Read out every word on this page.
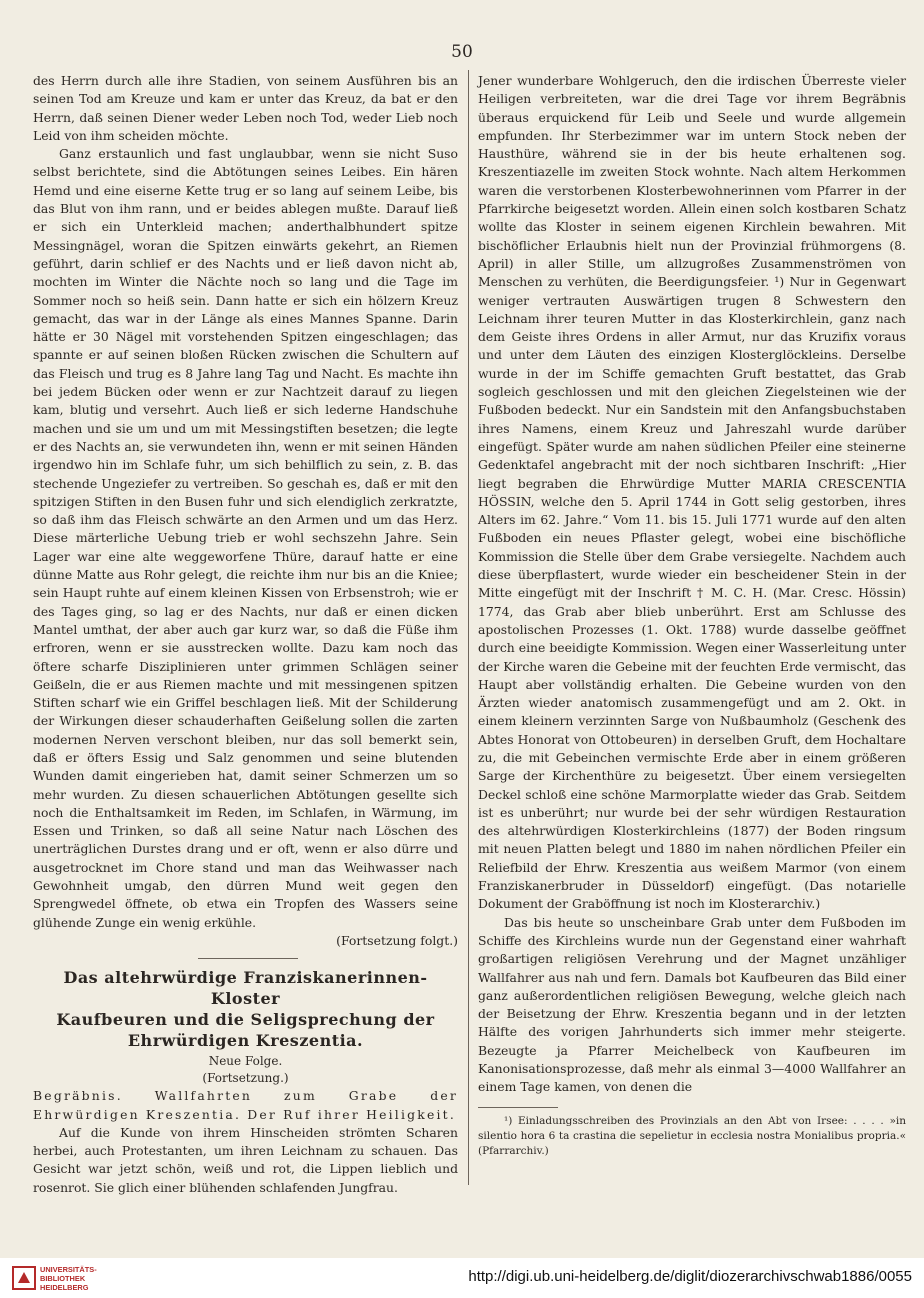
50

des Herrn durch alle ihre Stadien, von seinem Ausführen bis an seinen Tod am Kreuze und kam er unter das Kreuz, da bat er den Herrn, daß seinen Diener weder Leben noch Tod, weder Lieb noch Leid von ihm scheiden möchte.

Ganz erstaunlich und fast unglaubbar, wenn sie nicht Suso selbst berichtete, sind die Abtötungen seines Leibes. Ein hären Hemd und eine eiserne Kette trug er so lang auf seinem Leibe, bis das Blut von ihm rann, und er beides ablegen mußte. Darauf ließ er sich ein Unterkleid machen; anderthalbhundert spitze Messingnägel, woran die Spitzen einwärts gekehrt, an Riemen geführt, darin schlief er des Nachts und er ließ davon nicht ab, mochten im Winter die Nächte noch so lang und die Tage im Sommer noch so heiß sein. Dann hatte er sich ein hölzern Kreuz gemacht, das war in der Länge als eines Mannes Spanne. Darin hätte er 30 Nägel mit vorstehenden Spitzen eingeschlagen; das spannte er auf seinen bloßen Rücken zwischen die Schultern auf das Fleisch und trug es 8 Jahre lang Tag und Nacht. Es machte ihn bei jedem Bücken oder wenn er zur Nachtzeit darauf zu liegen kam, blutig und versehrt. Auch ließ er sich lederne Handschuhe machen und sie um und um mit Messingstiften besetzen; die legte er des Nachts an, sie verwundeten ihn, wenn er mit seinen Händen irgendwo hin im Schlafe fuhr, um sich behilflich zu sein, z. B. das stechende Ungeziefer zu vertreiben. So geschah es, daß er mit den spitzigen Stiften in den Busen fuhr und sich elendiglich zerkratzte, so daß ihm das Fleisch schwärte an den Armen und um das Herz. Diese märterliche Uebung trieb er wohl sechszehn Jahre. Sein Lager war eine alte weggeworfene Thüre, darauf hatte er eine dünne Matte aus Rohr gelegt, die reichte ihm nur bis an die Kniee; sein Haupt ruhte auf einem kleinen Kissen von Erbsenstroh; wie er des Tages ging, so lag er des Nachts, nur daß er einen dicken Mantel umthat, der aber auch gar kurz war, so daß die Füße ihm erfroren, wenn er sie ausstrecken wollte. Dazu kam noch das öftere scharfe Disziplinieren unter grimmen Schlägen seiner Geißeln, die er aus Riemen machte und mit messingenen spitzen Stiften scharf wie ein Griffel beschlagen ließ. Mit der Schilderung der Wirkungen dieser schauderhaften Geißelung sollen die zarten modernen Nerven verschont bleiben, nur das soll bemerkt sein, daß er öfters Essig und Salz genommen und seine blutenden Wunden damit eingerieben hat, damit seiner Schmerzen um so mehr wurden. Zu diesen schauerlichen Abtötungen gesellte sich noch die Enthaltsamkeit im Reden, im Schlafen, in Wärmung, im Essen und Trinken, so daß all seine Natur nach Löschen des unerträglichen Durstes drang und er oft, wenn er also dürre und ausgetrocknet im Chore stand und man das Weihwasser nach Gewohnheit umgab, den dürren Mund weit gegen den Sprengwedel öffnete, ob etwa ein Tropfen des Wassers seine glühende Zunge ein wenig erkühle.

(Fortsetzung folgt.)

Das altehrwürdige Franziskanerinnen-Kloster
Kaufbeuren und die Seligsprechung der Ehrwürdigen Kreszentia.
Neue Folge.
(Fortsetzung.)

Begräbnis. Wallfahrten zum Grabe der Ehrwürdigen Kreszentia. Der Ruf ihrer Heiligkeit.

Auf die Kunde von ihrem Hinscheiden strömten Scharen herbei, auch Protestanten, um ihren Leichnam zu schauen. Das Gesicht war jetzt schön, weiß und rot, die Lippen lieblich und rosenrot. Sie glich einer blühenden schlafenden Jungfrau.

Jener wunderbare Wohlgeruch, den die irdischen Überreste vieler Heiligen verbreiteten, war die drei Tage vor ihrem Begräbnis überaus erquickend für Leib und Seele und wurde allgemein empfunden. Ihr Sterbezimmer war im untern Stock neben der Hausthüre, während sie in der bis heute erhaltenen sog. Kreszentiazelle im zweiten Stock wohnte. Nach altem Herkommen waren die verstorbenen Klosterbewohnerinnen vom Pfarrer in der Pfarrkirche beigesetzt worden. Allein einen solch kostbaren Schatz wollte das Kloster in seinem eigenen Kirchlein bewahren. Mit bischöflicher Erlaubnis hielt nun der Provinzial frühmorgens (8. April) in aller Stille, um allzugroßes Zusammenströmen von Menschen zu verhüten, die Beerdigungsfeier. ¹) Nur in Gegenwart weniger vertrauten Auswärtigen trugen 8 Schwestern den Leichnam ihrer teuren Mutter in das Klosterkirchlein, ganz nach dem Geiste ihres Ordens in aller Armut, nur das Kruzifix voraus und unter dem Läuten des einzigen Klosterglöckleins. Derselbe wurde in der im Schiffe gemachten Gruft bestattet, das Grab sogleich geschlossen und mit den gleichen Ziegelsteinen wie der Fußboden bedeckt. Nur ein Sandstein mit den Anfangsbuchstaben ihres Namens, einem Kreuz und Jahreszahl wurde darüber eingefügt. Später wurde am nahen südlichen Pfeiler eine steinerne Gedenktafel angebracht mit der noch sichtbaren Inschrift: „Hier liegt begraben die Ehrwürdige Mutter MARIA CRESCENTIA HÖSSIN, welche den 5. April 1744 in Gott selig gestorben, ihres Alters im 62. Jahre.“ Vom 11. bis 15. Juli 1771 wurde auf den alten Fußboden ein neues Pflaster gelegt, wobei eine bischöfliche Kommission die Stelle über dem Grabe versiegelte. Nachdem auch diese überpflastert, wurde wieder ein bescheidener Stein in der Mitte eingefügt mit der Inschrift † M. C. H. (Mar. Cresc. Hössin) 1774, das Grab aber blieb unberührt. Erst am Schlusse des apostolischen Prozesses (1. Okt. 1788) wurde dasselbe geöffnet durch eine beeidigte Kommission. Wegen einer Wasserleitung unter der Kirche waren die Gebeine mit der feuchten Erde vermischt, das Haupt aber vollständig erhalten. Die Gebeine wurden von den Ärzten wieder anatomisch zusammengefügt und am 2. Okt. in einem kleinern verzinnten Sarge von Nußbaumholz (Geschenk des Abtes Honorat von Ottobeuren) in derselben Gruft, dem Hochaltare zu, die mit Gebeinchen vermischte Erde aber in einem größeren Sarge der Kirchenthüre zu beigesetzt. Über einem versiegelten Deckel schloß eine schöne Marmorplatte wieder das Grab. Seitdem ist es unberührt; nur wurde bei der sehr würdigen Restauration des altehrwürdigen Klosterkirchleins (1877) der Boden ringsum mit neuen Platten belegt und 1880 im nahen nördlichen Pfeiler ein Reliefbild der Ehrw. Kreszentia aus weißem Marmor (von einem Franziskanerbruder in Düsseldorf) eingefügt. (Das notarielle Dokument der Graböffnung ist noch im Klosterarchiv.)

Das bis heute so unscheinbare Grab unter dem Fußboden im Schiffe des Kirchleins wurde nun der Gegenstand einer wahrhaft großartigen religiösen Verehrung und der Magnet unzähliger Wallfahrer aus nah und fern. Damals bot Kaufbeuren das Bild einer ganz außerordentlichen religiösen Bewegung, welche gleich nach der Beisetzung der Ehrw. Kreszentia begann und in der letzten Hälfte des vorigen Jahrhunderts sich immer mehr steigerte. Bezeugte ja Pfarrer Meichelbeck von Kaufbeuren im Kanonisationsprozesse, daß mehr als einmal 3—4000 Wallfahrer an einem Tage kamen, von denen die

¹) Einladungsschreiben des Provinzials an den Abt von Irsee: . . . . »in silentio hora 6 ta crastina die sepelietur in ecclesia nostra Monialibus propria.« (Pfarrarchiv.)

UNIVERSITÄTS-
BIBLIOTHEK
HEIDELBERG
http://digi.ub.uni-heidelberg.de/diglit/diozerarchivschwab1886/0055
